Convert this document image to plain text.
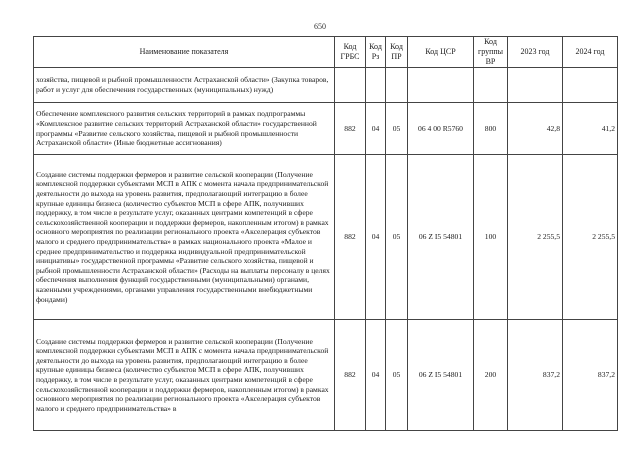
650
Наименование показателя	Код ГРБС	Код Рз	Код ПР	Код ЦСР	Код группы ВР	2023 год	2024 год
хозяйства, пищевой и рыбной промышленности Астраханской области» (Закупка товаров, работ и услуг для обеспечения государственных (муниципальных) нужд)							
Обеспечение комплексного развития сельских территорий в рамках подпрограммы «Комплексное развитие сельских территорий Астраханской области» государственной программы «Развитие сельского хозяйства, пищевой и рыбной промышленности Астраханской области» (Иные бюджетные ассигнования)	882	04	05	06 4 00 R5760	800	42,8	41,2
Создание системы поддержки фермеров и развитие сельской кооперации (Получение комплексной поддержки субъектами МСП в АПК с момента начала предпринимательской деятельности до выхода на уровень развития, предполагающий интеграцию в более крупные единицы бизнеса (количество субъектов МСП в сфере АПК, получивших поддержку, в том числе в результате услуг, оказанных центрами компетенций в сфере сельскохозяйственной кооперации и поддержки фермеров, накопленным итогом) в рамках основного мероприятия по реализации регионального проекта «Акселерация субъектов малого и среднего предпринимательства» в рамках национального проекта «Малое и среднее предпринимательство и поддержка индивидуальной предпринимательской инициативы» государственной программы «Развитие сельского хозяйства, пищевой и рыбной промышленности Астраханской области» (Расходы на выплаты персоналу в целях обеспечения выполнения функций государственными (муниципальными) органами, казенными учреждениями, органами управления государственными внебюджетными фондами)	882	04	05	06 Z I5 54801	100	2 255,5	2 255,5
Создание системы поддержки фермеров и развитие сельской кооперации (Получение комплексной поддержки субъектами МСП в АПК с момента начала предпринимательской деятельности до выхода на уровень развития, предполагающий интеграцию в более крупные единицы бизнеса (количество субъектов МСП в сфере АПК, получивших поддержку, в том числе в результате услуг, оказанных центрами компетенций в сфере сельскохозяйственной кооперации и поддержки фермеров, накопленным итогом) в рамках основного мероприятия по реализации регионального проекта «Акселерация субъектов малого и среднего предпринимательства» в	882	04	05	06 Z I5 54801	200	837,2	837,2
